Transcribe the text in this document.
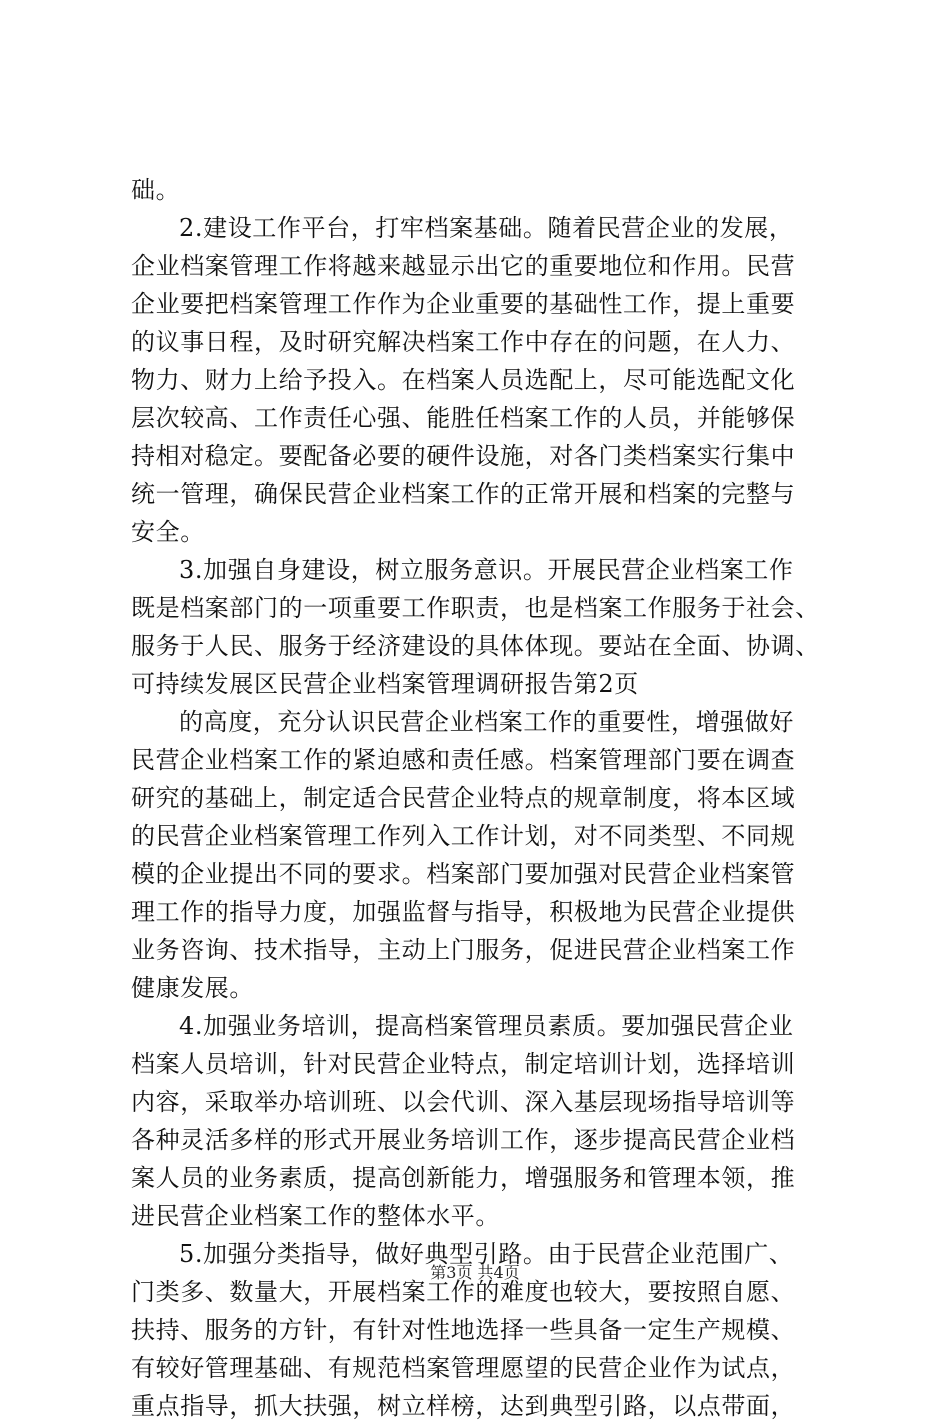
础。
2.建设工作平台，打牢档案基础。随着民营企业的发展，
企业档案管理工作将越来越显示出它的重要地位和作用。民营
企业要把档案管理工作作为企业重要的基础性工作，提上重要
的议事日程，及时研究解决档案工作中存在的问题，在人力、
物力、财力上给予投入。在档案人员选配上，尽可能选配文化
层次较高、工作责任心强、能胜任档案工作的人员，并能够保
持相对稳定。要配备必要的硬件设施，对各门类档案实行集中
统一管理，确保民营企业档案工作的正常开展和档案的完整与
安全。
3.加强自身建设，树立服务意识。开展民营企业档案工作
既是档案部门的一项重要工作职责，也是档案工作服务于社会、
服务于人民、服务于经济建设的具体体现。要站在全面、协调、
可持续发展区民营企业档案管理调研报告第2页
的高度，充分认识民营企业档案工作的重要性，增强做好
民营企业档案工作的紧迫感和责任感。档案管理部门要在调查
研究的基础上，制定适合民营企业特点的规章制度，将本区域
的民营企业档案管理工作列入工作计划，对不同类型、不同规
模的企业提出不同的要求。档案部门要加强对民营企业档案管
理工作的指导力度，加强监督与指导，积极地为民营企业提供
业务咨询、技术指导，主动上门服务，促进民营企业档案工作
健康发展。
4.加强业务培训，提高档案管理员素质。要加强民营企业
档案人员培训，针对民营企业特点，制定培训计划，选择培训
内容，采取举办培训班、以会代训、深入基层现场指导培训等
各种灵活多样的形式开展业务培训工作，逐步提高民营企业档
案人员的业务素质，提高创新能力，增强服务和管理本领，推
进民营企业档案工作的整体水平。
5.加强分类指导，做好典型引路。由于民营企业范围广、
门类多、数量大，开展档案工作的难度也较大，要按照自愿、
扶持、服务的方针，有针对性地选择一些具备一定生产规模、
有较好管理基础、有规范档案管理愿望的民营企业作为试点，
重点指导，抓大扶强，树立样榜，达到典型引路，以点带面，
第3页 共4页
